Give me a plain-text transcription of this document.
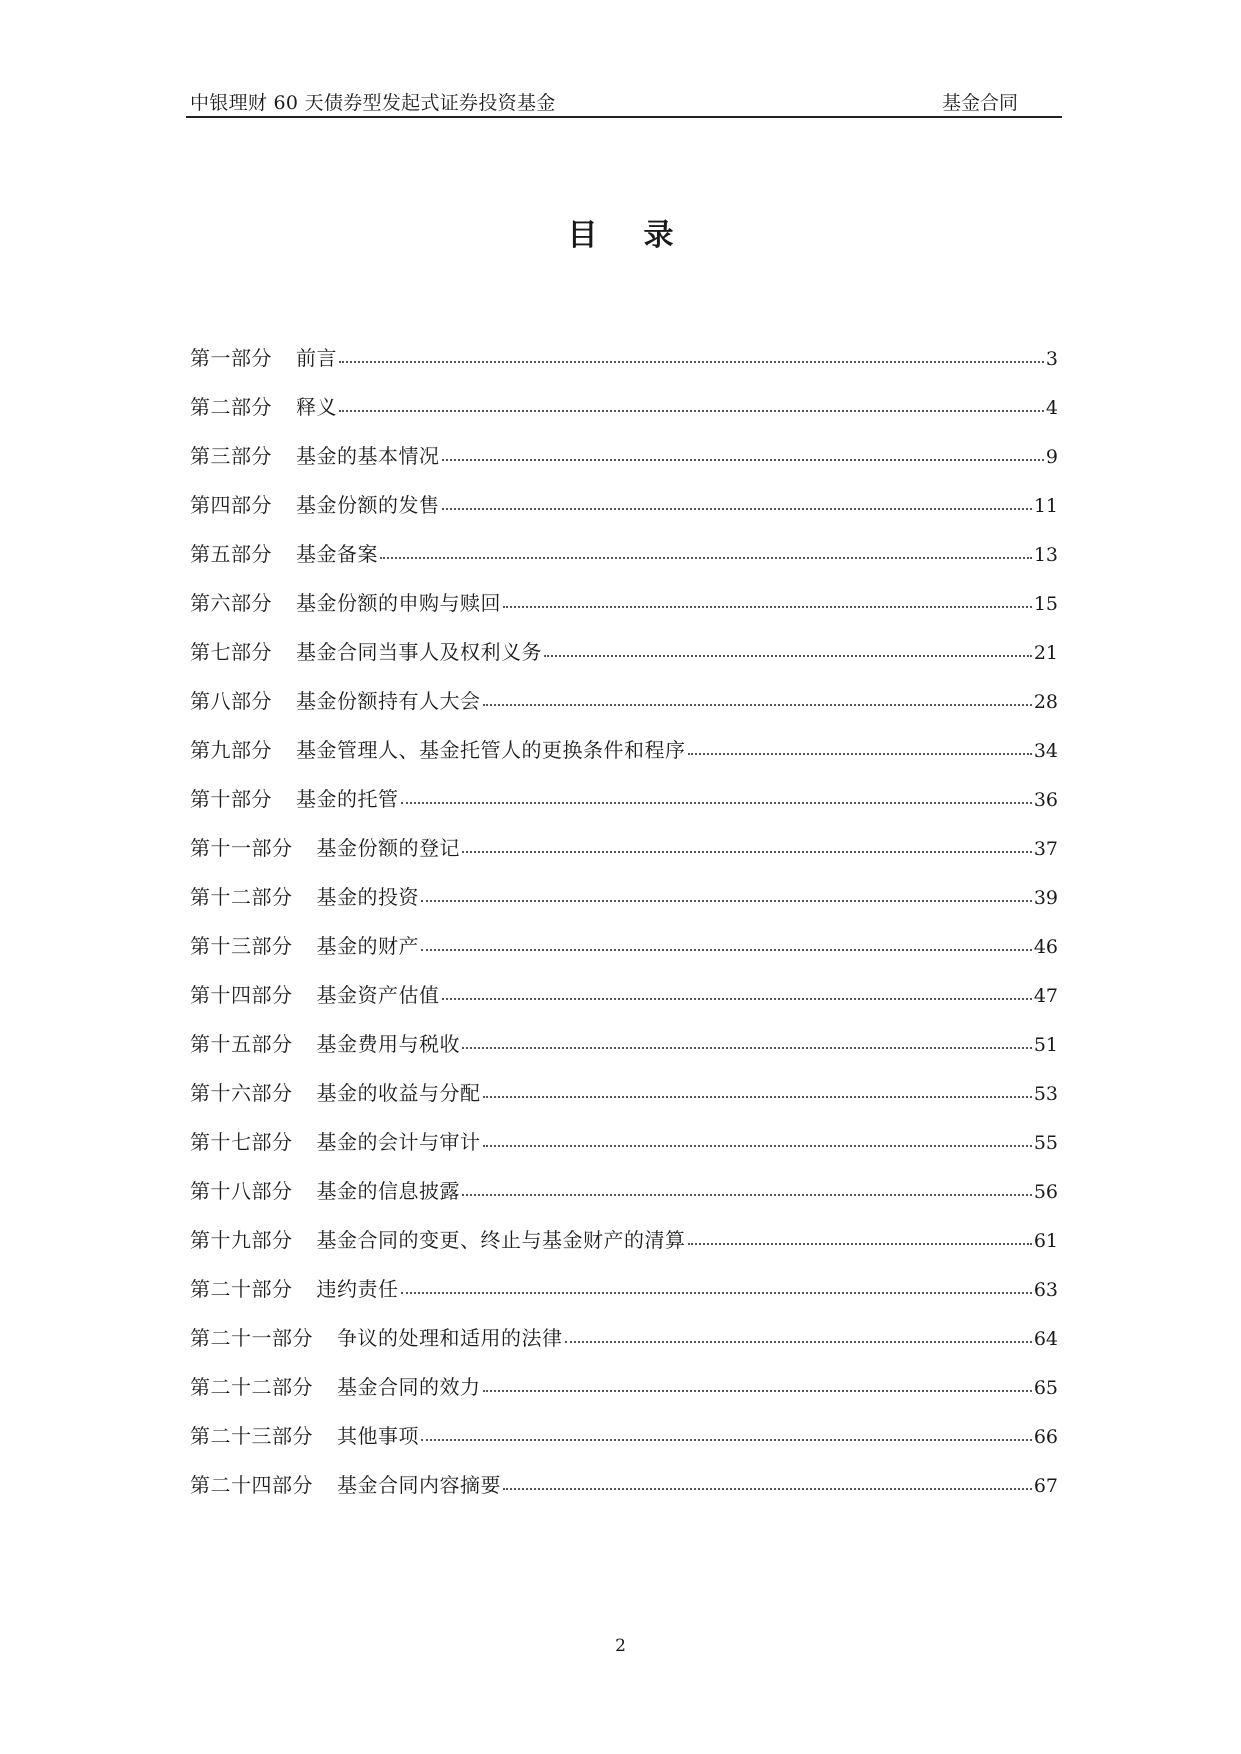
中银理财 60 天债券型发起式证券投资基金	基金合同
目录
第一部分 前言	3
第二部分 释义	4
第三部分 基金的基本情况	9
第四部分 基金份额的发售	11
第五部分 基金备案	13
第六部分 基金份额的申购与赎回	15
第七部分 基金合同当事人及权利义务	21
第八部分 基金份额持有人大会	28
第九部分 基金管理人、基金托管人的更换条件和程序	34
第十部分 基金的托管	36
第十一部分 基金份额的登记	37
第十二部分 基金的投资	39
第十三部分 基金的财产	46
第十四部分 基金资产估值	47
第十五部分 基金费用与税收	51
第十六部分 基金的收益与分配	53
第十七部分 基金的会计与审计	55
第十八部分 基金的信息披露	56
第十九部分 基金合同的变更、终止与基金财产的清算	61
第二十部分 违约责任	63
第二十一部分 争议的处理和适用的法律	64
第二十二部分 基金合同的效力	65
第二十三部分 其他事项	66
第二十四部分 基金合同内容摘要	67
2
